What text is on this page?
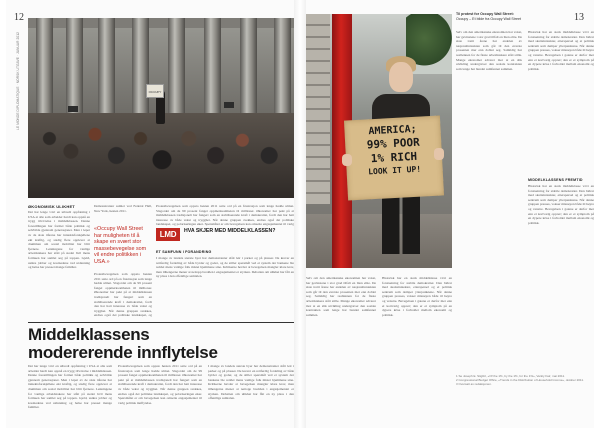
12
LE MONDE DIPLOMATIQUE · NORSK UTGAVE · JANUAR 2012	OCCUPY
ØKONOMISK ULIKHET
Det har lenge vært en utbredt oppfatning i USA at alle som arbeider hardt kan oppnå en trygg tilværelse i middelklassen. Denne forestillingen har formet både politikk og selvbilde gjennom generasjoner. Men i løpet av de siste tiårene har inntektsforskjellene økt kraftig, og stadig flere opplever at drømmen om sosial mobilitet har blitt fjernere. Lønningene for vanlige arbeidstakere har stått på stedet hvil mens formuen har samlet seg på toppen. Gjeld, usikre jobber og kostnadene ved utdanning og helse har presset mange familier.
Demonstranter samlet ved Federal Hall, New York, høsten 2011.
«Occupy Wall Street har muligheten til å skape en svært stor massebevegelse som vil endre politikken i USA.»
Protestbevegelsen som oppsto høsten 2011 satte ord på en frustrasjon som lenge hadde ulmet. Slagordet om de 99 prosent fanget oppmerksomheten til millioner. Økonomer har pekt på at middelklassen tradisjonelt har fungert som en stabiliserende kraft i demokratiet, fordi den har hatt interesse av både vekst og trygghet. Når denne gruppen svekkes, endres også det politiske landskapet, og
LMD	HVA SKJER MED MIDDELKLASSEN?
ET SAMFUNN I FORANDRING
I mange av landets største byer har demonstranter slått leir i parker og på plasser. De krever en rettferdig fordeling av både byrder og goder, og de stiller spørsmål ved et system der bankene ble reddet mens vanlige folk mistet hjemmene sine. Kritikerne hevder at bevegelsen mangler klare krav, men tilhengerne mener at nettopp bredden i engasjementet er styrken. Debatten om ulikhet har fått en ny plass i den offentlige samtalen.
Protestbevegelsen som oppsto høsten 2011 satte ord på en frustrasjon som lenge hadde ulmet. Slagordet om de 99 prosent fanget oppmerksomheten til millioner. Økonomer har pekt på at middelklassen tradisjonelt har fungert som en stabiliserende kraft i demokratiet, fordi den har hatt interesse av både vekst og trygghet. Når denne gruppen svekkes, endres også det politiske landskapet, og polariseringen øker. Spørsmålet er om bevegelsen kan omsette engasjementet til varig
Middelklassens
modererende innflytelse
Det har lenge vært en utbredt oppfatning i USA at alle som arbeider hardt kan oppnå en trygg tilværelse i middelklassen. Denne forestillingen har formet både politikk og selvbilde gjennom generasjoner. Men i løpet av de siste tiårene har inntektsforskjellene økt kraftig, og stadig flere opplever at drømmen om sosial mobilitet har blitt fjernere. Lønningene for vanlige arbeidstakere har stått på stedet hvil mens formuen har samlet seg på toppen. Gjeld, usikre jobber og kostnadene ved utdanning og helse har presset mange familier.
Protestbevegelsen som oppsto høsten 2011 satte ord på en frustrasjon som lenge hadde ulmet. Slagordet om de 99 prosent fanget oppmerksomheten til millioner. Økonomer har pekt på at middelklassen tradisjonelt har fungert som en stabiliserende kraft i demokratiet, fordi den har hatt interesse av både vekst og trygghet. Når denne gruppen svekkes, endres også det politiske landskapet, og polariseringen øker. Spørsmålet er om bevegelsen kan omsette engasjementet til varig politisk innflytelse.
I mange av landets største byer har demonstranter slått leir i parker og på plasser. De krever en rettferdig fordeling av både byrder og goder, og de stiller spørsmål ved et system der bankene ble reddet mens vanlige folk mistet hjemmene sine. Kritikerne hevder at bevegelsen mangler klare krav, men tilhengerne mener at nettopp bredden i engasjementet er styrken. Debatten om ulikhet har fått en ny plass i den offentlige samtalen.
13
AMERICA;
99% POOR
1% RICH
LOOK IT UP!
Til protest for Occupy Wall Street:
Occupy – Et bilde fra Occupy Wall Street
Selv om den amerikanske økonomien har vokst, har gevinstene i stor grad tilfalt en liten elite. De siste tretti årene har andelen av nasjonalinntekten som går til den øverste prosenten mer enn doblet seg. Samtidig har reallønnen for de fleste arbeidstakere stått stille. Mange økonomer advarer mot at en slik utvikling undergraver den sosiale kontrakten som lenge har bundet samfunnet sammen.
MIDDELKLASSENS FREMTID
Historisk har en sterk middelklasse vært en forutsetning for stabile demokratier. Den bidrar med skatteinntekter, etterspørsel og et politisk sentrum som demper ytterpunktene. Når denne gruppen presses, vokser misnøyen både til høyre og venstre. Bevegelsen i gatene er derfor mer enn et kortvarig opprør; den er et symptom på en dypere krise i forholdet mellom økonomi og politikk.
Historisk har en sterk middelklasse vært en forutsetning for stabile demokratier. Den bidrar med skatteinntekter, etterspørsel og et politisk sentrum som demper ytterpunktene. Når denne gruppen presses, vokser misnøyen både til høyre og venstre. Bevegelsen i gatene er derfor mer enn et kortvarig opprør; den er et symptom på en dypere krise i forholdet mellom økonomi og politikk.
Selv om den amerikanske økonomien har vokst, har gevinstene i stor grad tilfalt en liten elite. De siste tretti årene har andelen av nasjonalinntekten som går til den øverste prosenten mer enn doblet seg. Samtidig har reallønnen for de fleste arbeidstakere stått stille. Mange økonomer advarer mot at en slik utvikling undergraver den sosiale kontrakten som lenge har bundet samfunnet sammen.
Historisk har en sterk middelklasse vært en forutsetning for stabile demokratier. Den bidrar med skatteinntekter, etterspørsel og et politisk sentrum som demper ytterpunktene. Når denne gruppen presses, vokser misnøyen både til høyre og venstre. Bevegelsen i gatene er derfor mer enn et kortvarig opprør; den er et symptom på en dypere krise i forholdet mellom økonomi og politikk.
1 Se Joseph E. Stiglitz, «Of the 1%, by the 1%, for the 1%», Vanity Fair, mai 2011.
2 Congressional Budget Office, «Trends in the Distribution of Household Income», oktober 2011.
3 Oversatt av redaksjonen.
